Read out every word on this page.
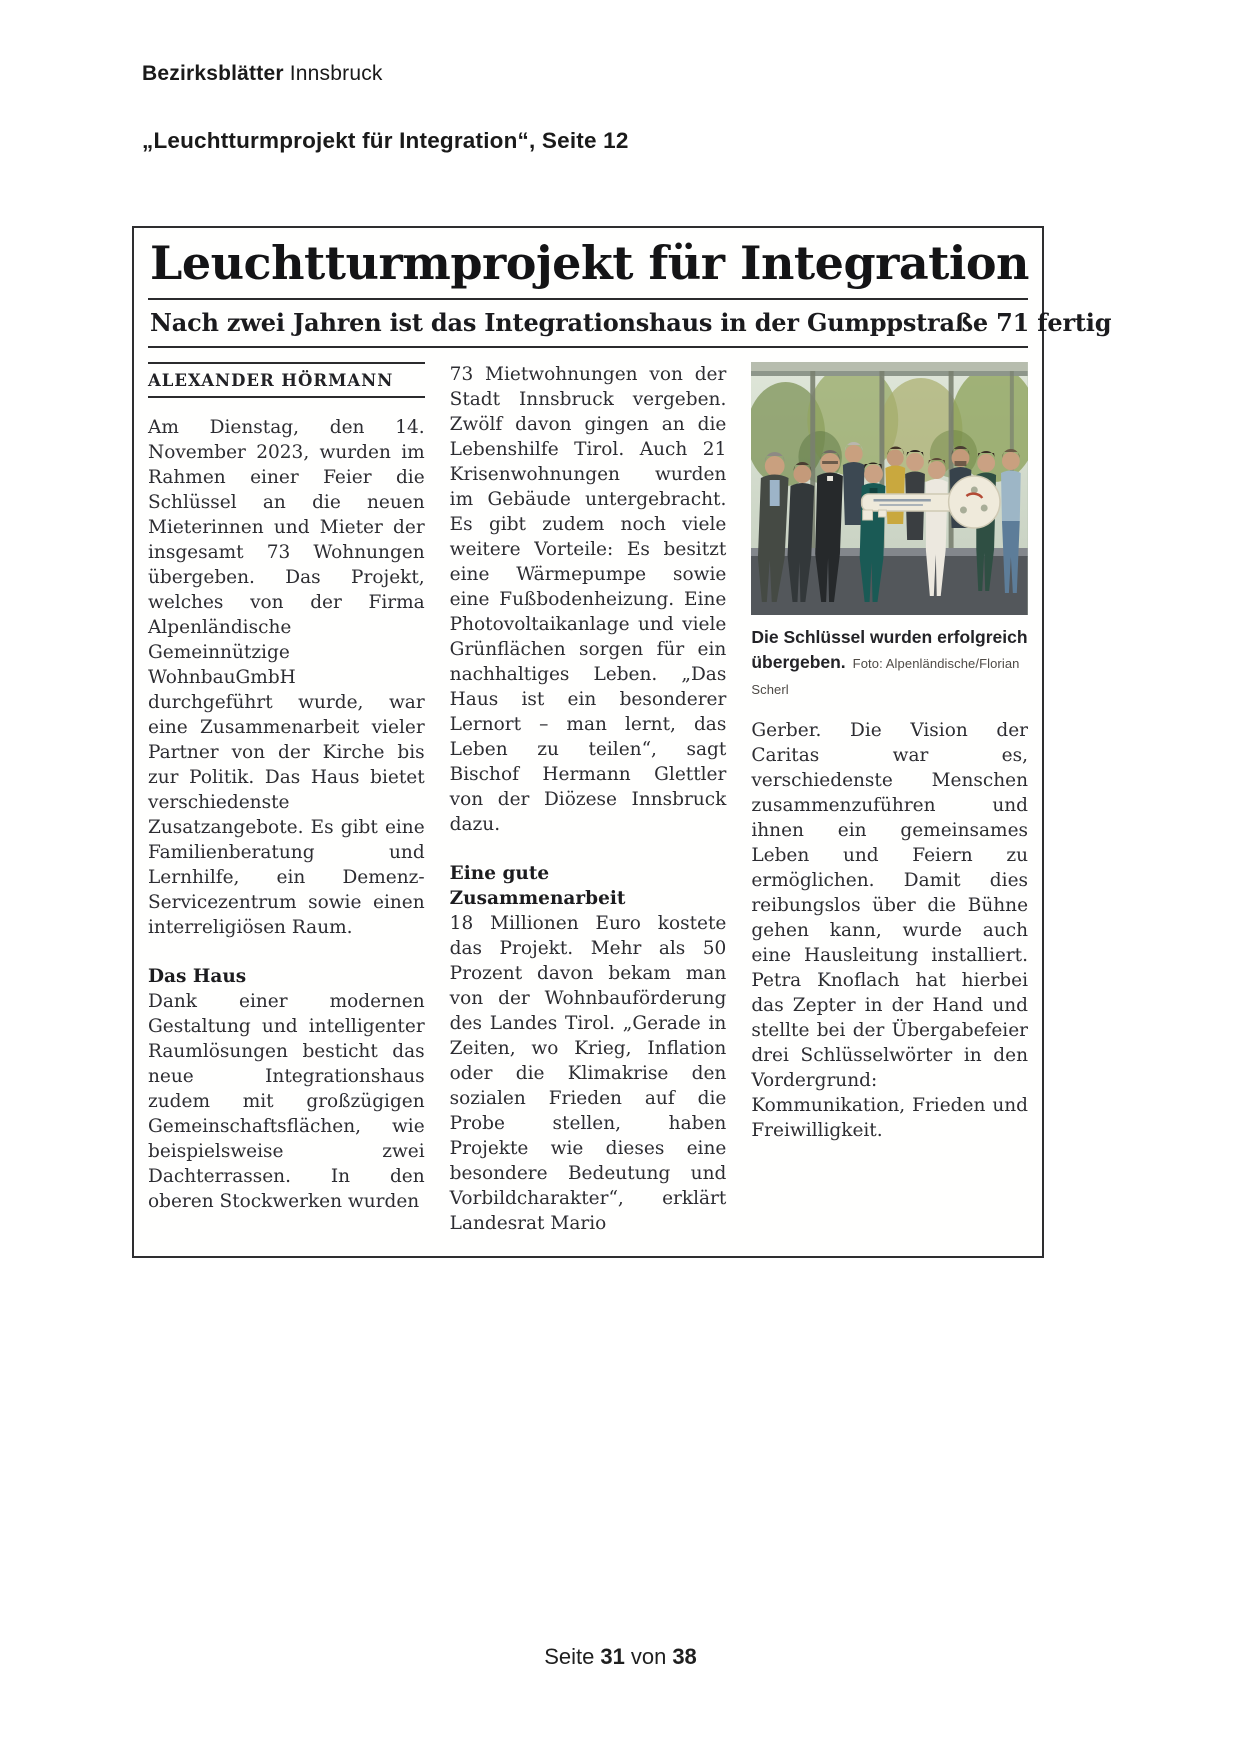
Bezirksblätter Innsbruck
„Leuchtturmprojekt für Integration“, Seite 12
Leuchtturmprojekt für Integration
Nach zwei Jahren ist das Integrationshaus in der Gumppstraße 71 fertig
ALEXANDER HÖRMANN

Am Dienstag, den 14. November 2023, wurden im Rahmen einer Feier die Schlüssel an die neuen Mieterinnen und Mieter der insgesamt 73 Wohnungen übergeben. Das Projekt, welches von der Firma Alpenländische Gemeinnützige WohnbauGmbH durchgeführt wurde, war eine Zusammenarbeit vieler Partner von der Kirche bis zur Politik. Das Haus bietet verschiedenste Zusatzangebote. Es gibt eine Familienberatung und Lernhilfe, ein Demenz-Servicezentrum sowie einen interreligiösen Raum.

Das Haus

Dank einer modernen Gestaltung und intelligenter Raumlösungen besticht das neue Integrationshaus zudem mit großzügigen Gemeinschaftsflächen, wie beispielsweise zwei Dachterrassen. In den oberen Stockwerken wurden

73 Mietwohnungen von der Stadt Innsbruck vergeben. Zwölf davon gingen an die Lebenshilfe Tirol. Auch 21 Krisenwohnungen wurden im Gebäude untergebracht. Es gibt zudem noch viele weitere Vorteile: Es besitzt eine Wärmepumpe sowie eine Fußbodenheizung. Eine Photovoltaikanlage und viele Grünflächen sorgen für ein nachhaltiges Leben. „Das Haus ist ein besonderer Lernort – man lernt, das Leben zu teilen“, sagt Bischof Hermann Glettler von der Diözese Innsbruck dazu.

Eine gute Zusammenarbeit

18 Millionen Euro kostete das Projekt. Mehr als 50 Prozent davon bekam man von der Wohnbauförderung des Landes Tirol. „Gerade in Zeiten, wo Krieg, Inflation oder die Klimakrise den sozialen Frieden auf die Probe stellen, haben Projekte wie dieses eine besondere Bedeutung und Vorbildcharakter“, erklärt Landesrat Mario

Die Schlüssel wurden erfolgreich übergeben. Foto: Alpenländische/Florian Scherl

Gerber. Die Vision der Caritas war es, verschiedenste Menschen zusammenzuführen und ihnen ein gemeinsames Leben und Feiern zu ermöglichen. Damit dies reibungslos über die Bühne gehen kann, wurde auch eine Hausleitung installiert. Petra Knoflach hat hierbei das Zepter in der Hand und stellte bei der Übergabefeier drei Schlüsselwörter in den Vordergrund: Kommunikation, Frieden und Freiwilligkeit.

Seite 31 von 38
